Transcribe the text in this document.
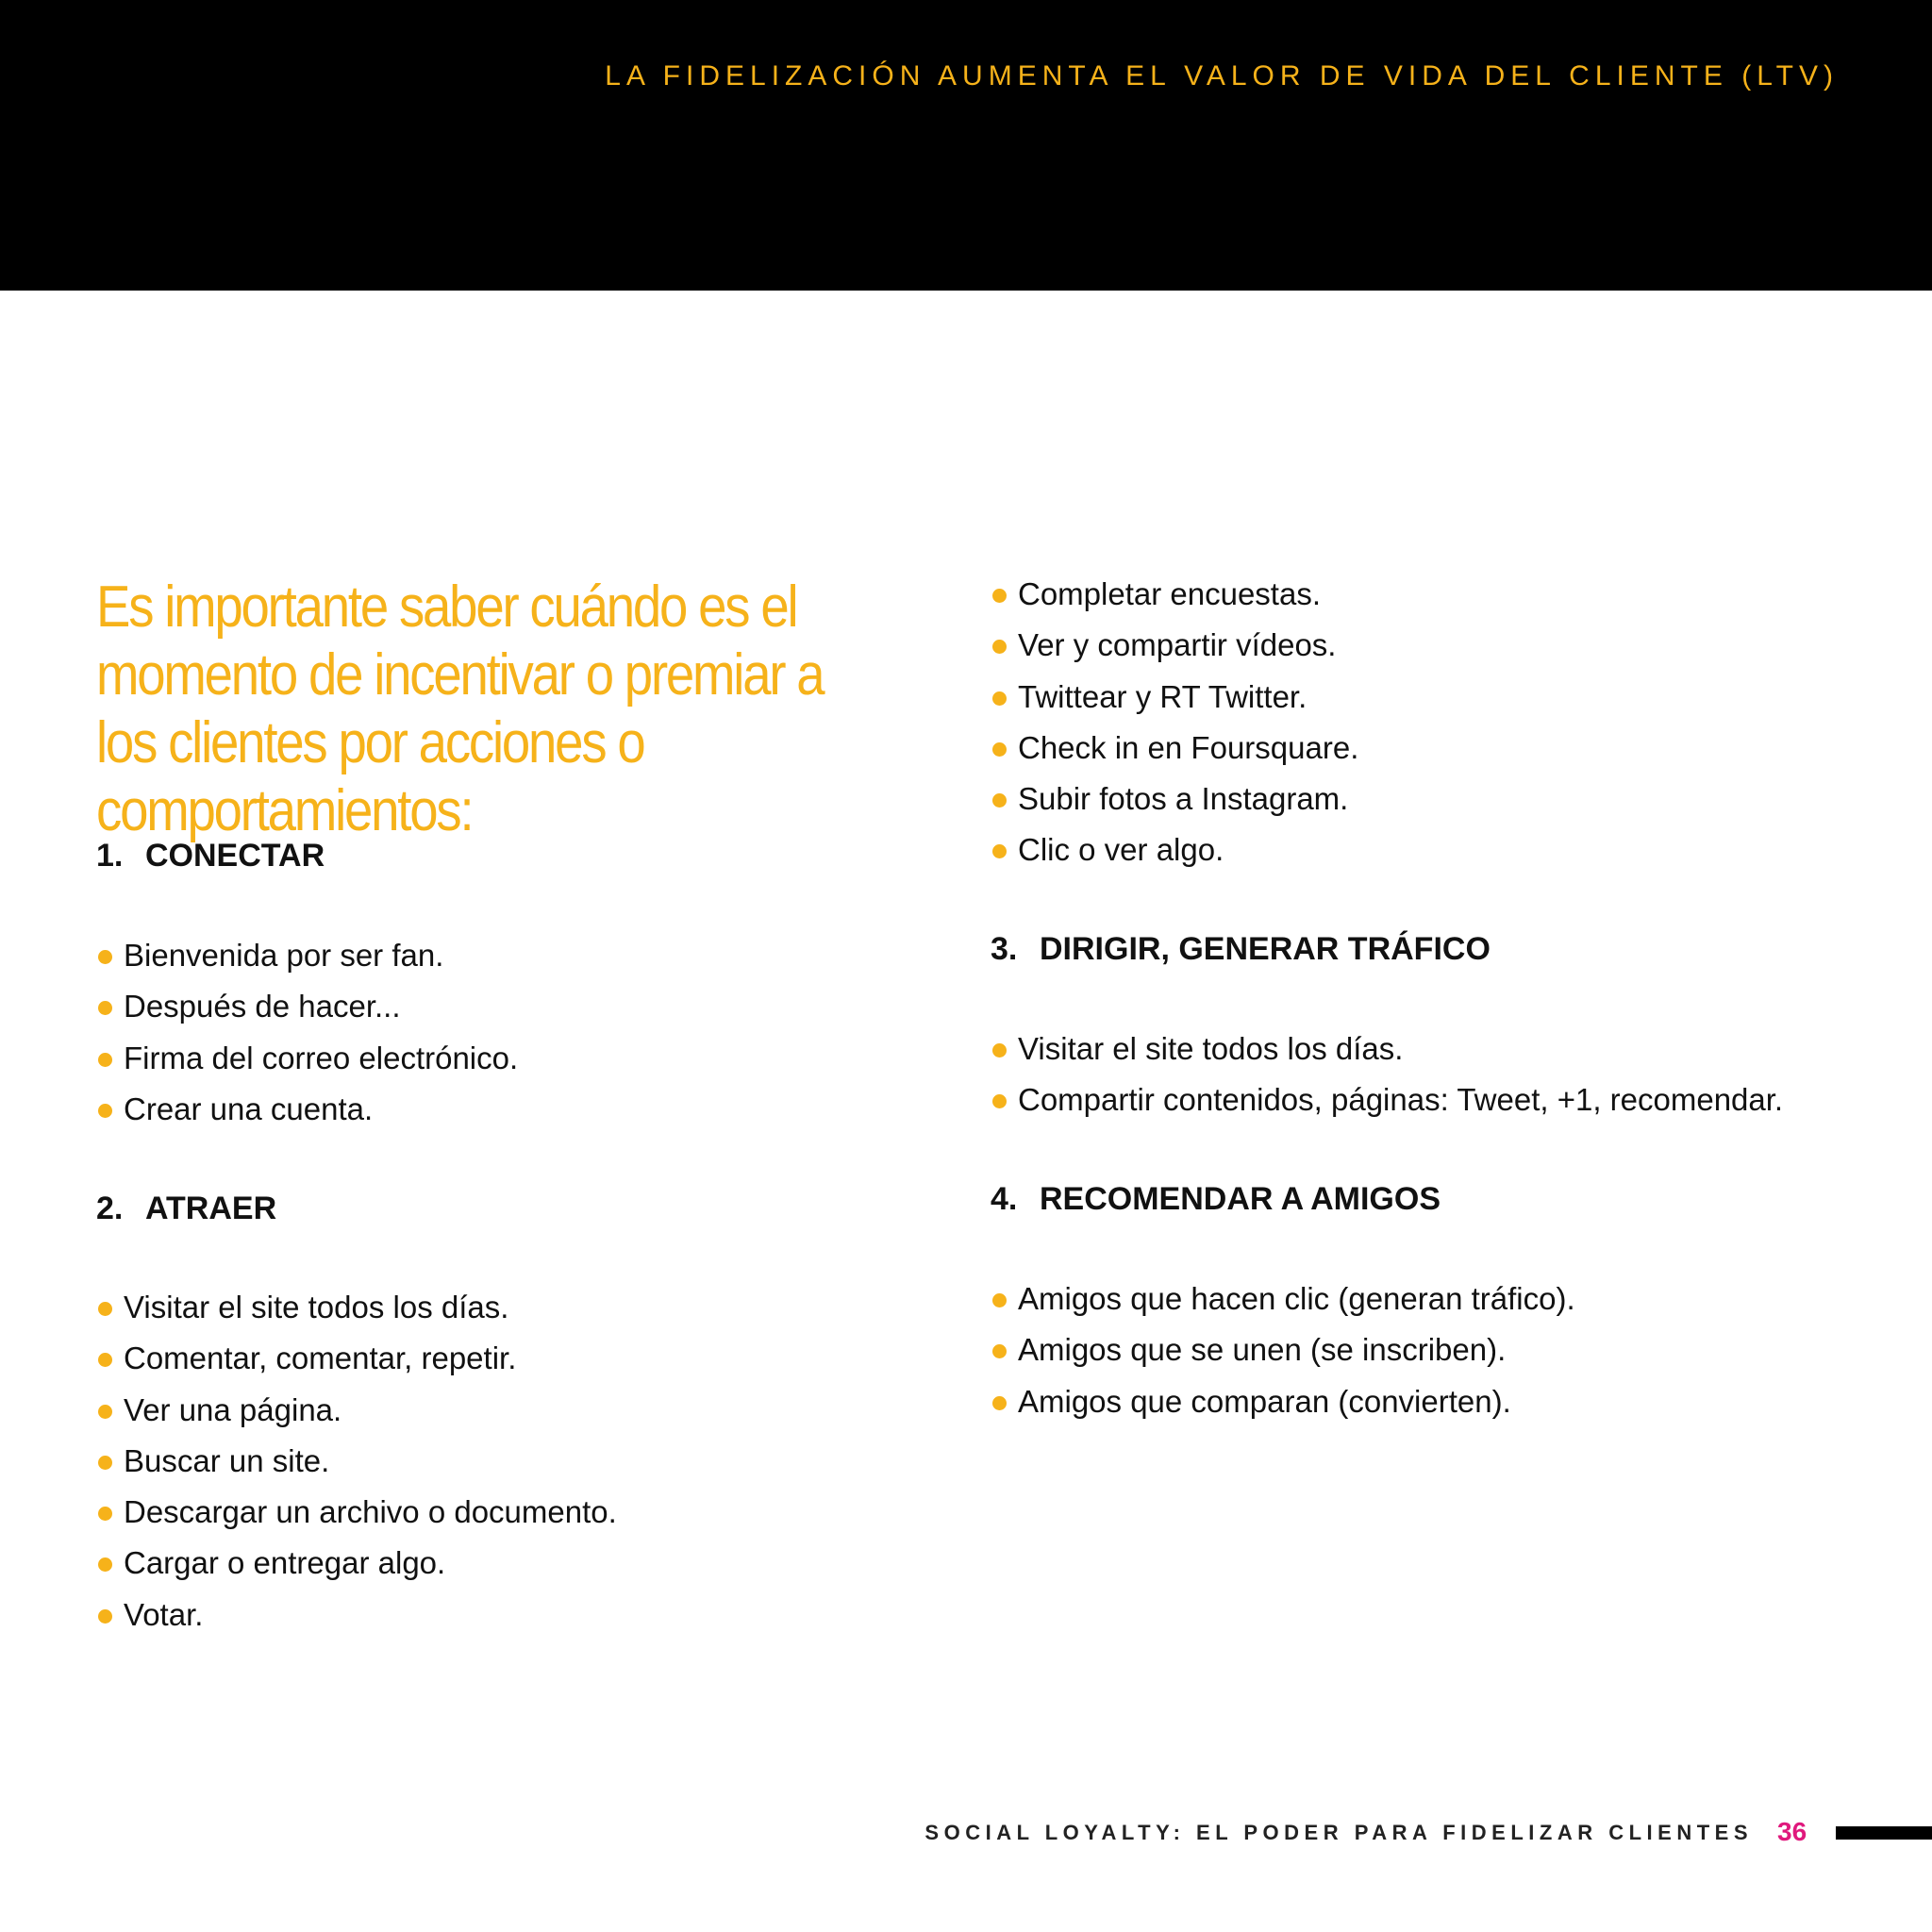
LA FIDELIZACIÓN AUMENTA EL VALOR DE VIDA DEL CLIENTE (LTV)
Es importante saber cuándo es el momento de incentivar o premiar a los clientes por acciones o comportamientos:
1. CONECTAR
Bienvenida por ser fan.
Después de hacer...
Firma del correo electrónico.
Crear una cuenta.
2. ATRAER
Visitar el site todos los días.
Comentar, comentar, repetir.
Ver una página.
Buscar un site.
Descargar un archivo o documento.
Cargar o entregar algo.
Votar.
Completar encuestas.
Ver y compartir vídeos.
Twittear y RT Twitter.
Check in en Foursquare.
Subir fotos a Instagram.
Clic o ver algo.
3. DIRIGIR, GENERAR TRÁFICO
Visitar el site todos los días.
Compartir contenidos, páginas: Tweet, +1, recomendar.
4. RECOMENDAR A AMIGOS
Amigos que hacen clic (generan tráfico).
Amigos que se unen (se inscriben).
Amigos que comparan (convierten).
SOCIAL LOYALTY: EL PODER PARA FIDELIZAR CLIENTES 36
